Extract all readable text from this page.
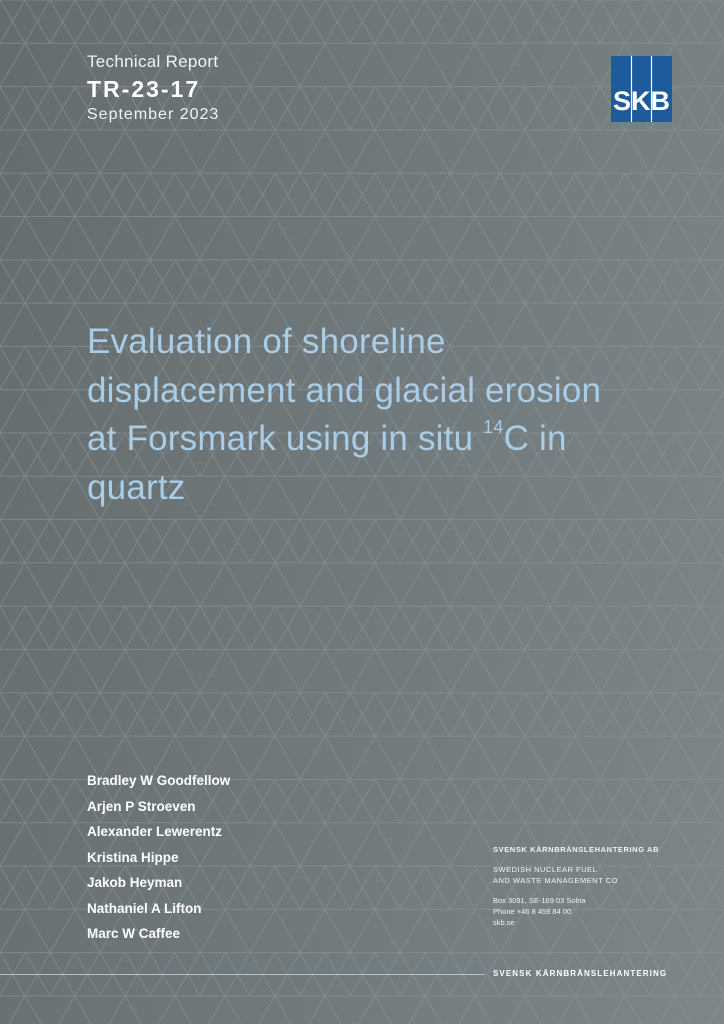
Technical Report
TR-23-17
September 2023	SKB
Evaluation of shoreline displacement and glacial erosion at Forsmark using in situ $^{14}$C in quartz
Bradley W Goodfellow
Arjen P Stroeven
Alexander Lewerentz
Kristina Hippe
Jakob Heyman
Nathaniel A Lifton
Marc W Caffee
SVENSK KÄRNBRÄNSLEHANTERING AB
SWEDISH NUCLEAR FUEL
AND WASTE MANAGEMENT CO
Box 3091, SE-169 03 Solna
Phone +46 8 459 84 00
skb.se
SVENSK KÄRNBRÄNSLEHANTERING
